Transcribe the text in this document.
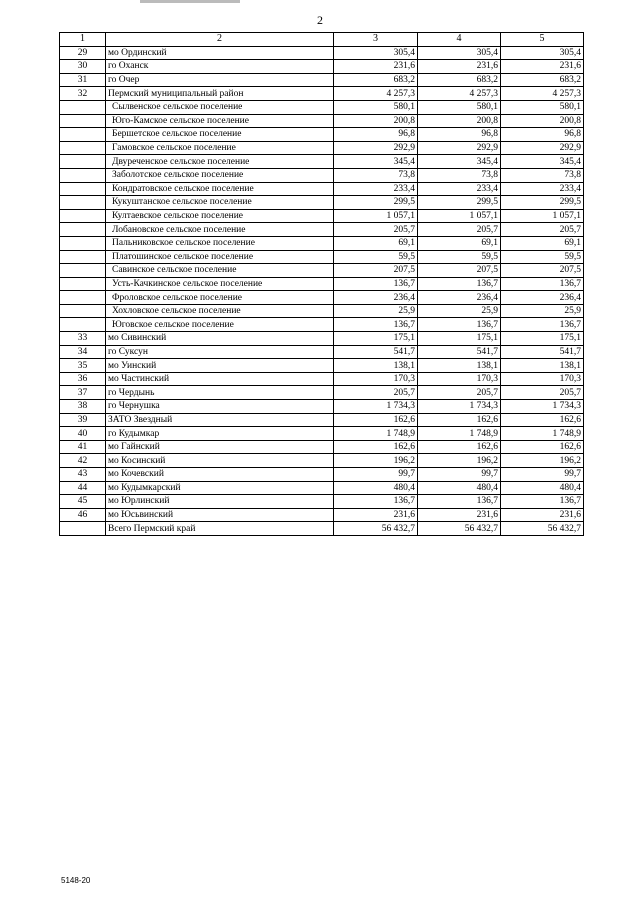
2
1	2	3	4	5
29	мо Ординский	305,4	305,4	305,4
30	го Оханск	231,6	231,6	231,6
31	го Очер	683,2	683,2	683,2
32	Пермский муниципальный район	4 257,3	4 257,3	4 257,3
	Сылвенское сельское поселение	580,1	580,1	580,1
	Юго-Камское сельское поселение	200,8	200,8	200,8
	Бершетское сельское поселение	96,8	96,8	96,8
	Гамовское сельское поселение	292,9	292,9	292,9
	Двуреченское сельское поселение	345,4	345,4	345,4
	Заболотское сельское поселение	73,8	73,8	73,8
	Кондратовское сельское поселение	233,4	233,4	233,4
	Кукуштанское сельское поселение	299,5	299,5	299,5
	Култаевское сельское поселение	1 057,1	1 057,1	1 057,1
	Лобановское сельское поселение	205,7	205,7	205,7
	Пальниковское сельское поселение	69,1	69,1	69,1
	Платошинское сельское поселение	59,5	59,5	59,5
	Савинское сельское поселение	207,5	207,5	207,5
	Усть-Качкинское сельское поселение	136,7	136,7	136,7
	Фроловское сельское поселение	236,4	236,4	236,4
	Хохловское сельское поселение	25,9	25,9	25,9
	Юговское сельское поселение	136,7	136,7	136,7
33	мо Сивинский	175,1	175,1	175,1
34	го Суксун	541,7	541,7	541,7
35	мо Уинский	138,1	138,1	138,1
36	мо Частинский	170,3	170,3	170,3
37	го Чердынь	205,7	205,7	205,7
38	го Чернушка	1 734,3	1 734,3	1 734,3
39	ЗАТО Звездный	162,6	162,6	162,6
40	го Кудымкар	1 748,9	1 748,9	1 748,9
41	мо Гайнский	162,6	162,6	162,6
42	мо Косинский	196,2	196,2	196,2
43	мо Кочевский	99,7	99,7	99,7
44	мо Кудымкарский	480,4	480,4	480,4
45	мо Юрлинский	136,7	136,7	136,7
46	мо Юсьвинский	231,6	231,6	231,6
	Всего Пермский край	56 432,7	56 432,7	56 432,7
5148-20
